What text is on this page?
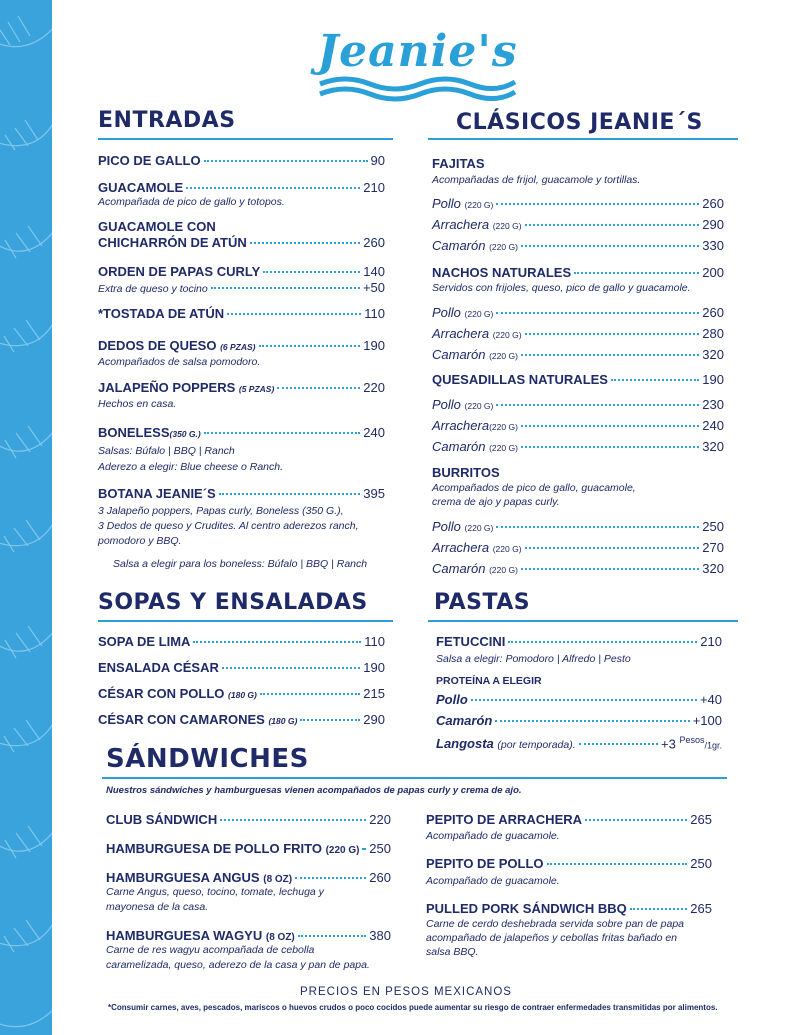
Jeanie's
ENTRADAS
PICO DE GALLO	90
GUACAMOLE	210
Acompañada de pico de gallo y totopos.
GUACAMOLE CON
CHICHARRÓN DE ATÚN	260
ORDEN DE PAPAS CURLY	140
Extra de queso y tocino	+50
*TOSTADA DE ATÚN	110
DEDOS DE QUESO (6 PZAS)	190
Acompañados de salsa pomodoro.
JALAPEÑO POPPERS (5 PZAS)	220
Hechos en casa.
BONELESS(350 G.)	240
Salsas: Búfalo | BBQ | Ranch
Aderezo a elegir: Blue cheese o Ranch.
BOTANA JEANIE´S	395
3 Jalapeño poppers, Papas curly, Boneless (350 G.),
3 Dedos de queso y Crudites. Al centro aderezos ranch,
pomodoro y BBQ.
Salsa a elegir para los boneless: Búfalo | BBQ | Ranch
SOPAS Y ENSALADAS
SOPA DE LIMA	110
ENSALADA CÉSAR	190
CÉSAR CON POLLO (180 G)	215
CÉSAR CON CAMARONES (180 G)	290
CLÁSICOS JEANIE´S
FAJITAS
Acompañadas de frijol, guacamole y tortillas.
Pollo (220 G)	260
Arrachera (220 G)	290
Camarón (220 G)	330
NACHOS NATURALES	200
Servidos con frijoles, queso, pico de gallo y guacamole.
Pollo (220 G)	260
Arrachera (220 G)	280
Camarón (220 G)	320
QUESADILLAS NATURALES	190
Pollo (220 G)	230
Arrachera(220 G)	240
Camarón (220 G)	320
BURRITOS
Acompañados de pico de gallo, guacamole,
crema de ajo y papas curly.
Pollo (220 G)	250
Arrachera (220 G)	270
Camarón (220 G)	320
PASTAS
FETUCCINI	210
Salsa a elegir: Pomodoro | Alfredo | Pesto
PROTEÍNA A ELEGIR
Pollo	+40
Camarón	+100
Langosta (por temporada).	+3 $^{Pesos}$/1gr.
SÁNDWICHES
Nuestros sándwiches y hamburguesas vienen acompañados de papas curly y crema de ajo.
CLUB SÁNDWICH	220
HAMBURGUESA DE POLLO FRITO (220 G) 250
HAMBURGUESA ANGUS (8 OZ)	260
Carne Angus, queso, tocino, tomate, lechuga y
mayonesa de la casa.
HAMBURGUESA WAGYU (8 OZ)	380
Carne de res wagyu acompañada de cebolla
caramelizada, queso, aderezo de la casa y pan de papa.
PEPITO DE ARRACHERA	265
Acompañado de guacamole.
PEPITO DE POLLO	250
Acompañado de guacamole.
PULLED PORK SÁNDWICH BBQ	265
Carne de cerdo deshebrada servida sobre pan de papa
acompañado de jalapeños y cebollas fritas bañado en
salsa BBQ.
PRECIOS EN PESOS MEXICANOS
*Consumir carnes, aves, pescados, mariscos o huevos crudos o poco cocidos puede aumentar su riesgo de contraer enfermedades transmitidas por alimentos.
